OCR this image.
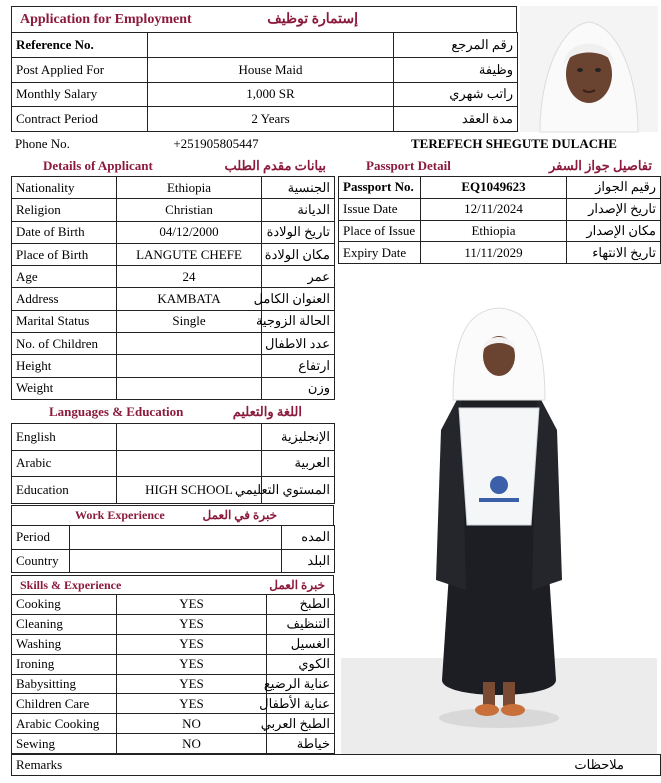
Application for Employment	إستمارة توظيف
Reference No.		رقم المرجع
Post Applied For	House Maid	وظيفة
Monthly Salary	1,000 SR	راتب شهري
Contract Period	2 Years	مدة العقد
Phone No.	+251905805447	TEREFECH SHEGUTE DULACHE
Details of Applicant	بيانات مقدم الطلب
Nationality	Ethiopia	الجنسية
Religion	Christian	الديانة
Date of Birth	04/12/2000	تاريخ الولادة
Place of Birth	LANGUTE CHEFE	مكان الولادة
Age	24	عمر
Address	KAMBATA	العنوان الكامل
Marital Status	Single	الحالة الزوجية
No. of Children		عدد الاطفال
Height		ارتفاع
Weight		وزن
Passport Detail	تفاصيل جواز السفر
Passport No.	EQ1049623	رقيم الجواز
Issue Date	12/11/2024	تاريخ الإصدار
Place of Issue	Ethiopia	مكان الإصدار
Expiry Date	11/11/2029	تاريخ الانتهاء
Languages & Education	اللغة والتعليم
English		الإنجليزية
Arabic		العربية
Education	HIGH SCHOOL	المستوي التعليمي
Work Experience	خبرة في العمل
Period		المده
Country		البلد
Skills & Experience	خبرة العمل
Cooking	YES	الطبخ
Cleaning	YES	التنظيف
Washing	YES	الغسيل
Ironing	YES	الكوي
Babysitting	YES	عناية الرضيع
Children Care	YES	عناية الأطفال
Arabic Cooking	NO	الطبخ العربي
Sewing	NO	خياطة
Remarks	ملاحظات
